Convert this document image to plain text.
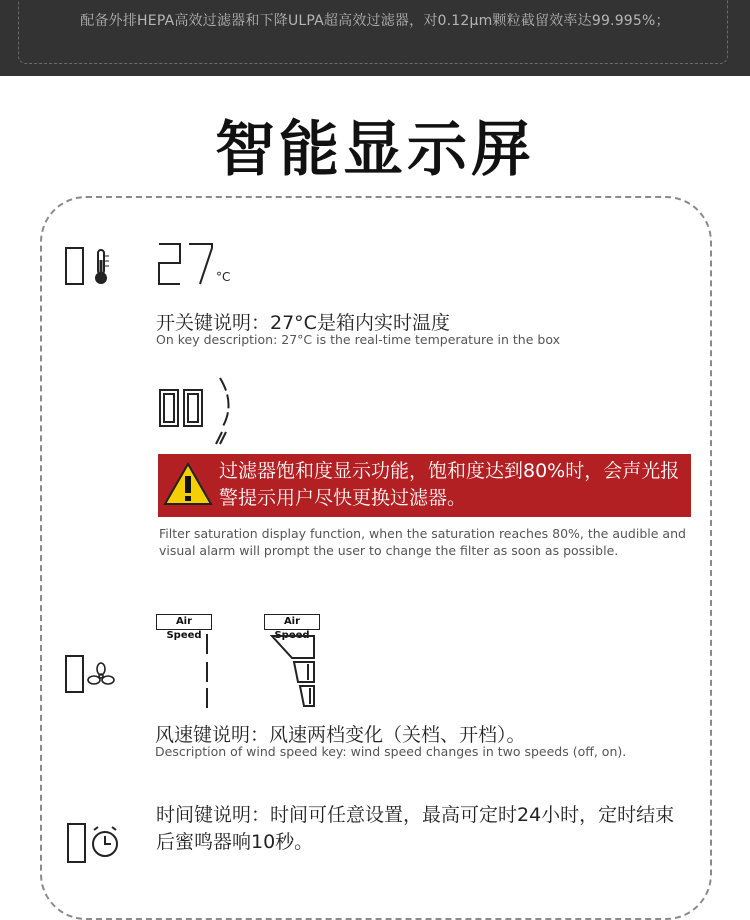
配备外排HEPA高效过滤器和下降ULPA超高效过滤器，对0.12μm颗粒截留效率达99.995%；
智能显示屏
°C
开关键说明：27°C是箱内实时温度
On key description: 27°C is the real-time temperature in the box
过滤器饱和度显示功能，饱和度达到80%时，会声光报警提示用户尽快更换过滤器。
Filter saturation display function, when the saturation reaches 80%, the audible and visual alarm will prompt the user to change the filter as soon as possible.
Air Speed
Air Speed
风速键说明：风速两档变化（关档、开档）。
Description of wind speed key: wind speed changes in two speeds (off, on).
时间键说明：时间可任意设置，最高可定时24小时，定时结束后蜜鸣器响10秒。
